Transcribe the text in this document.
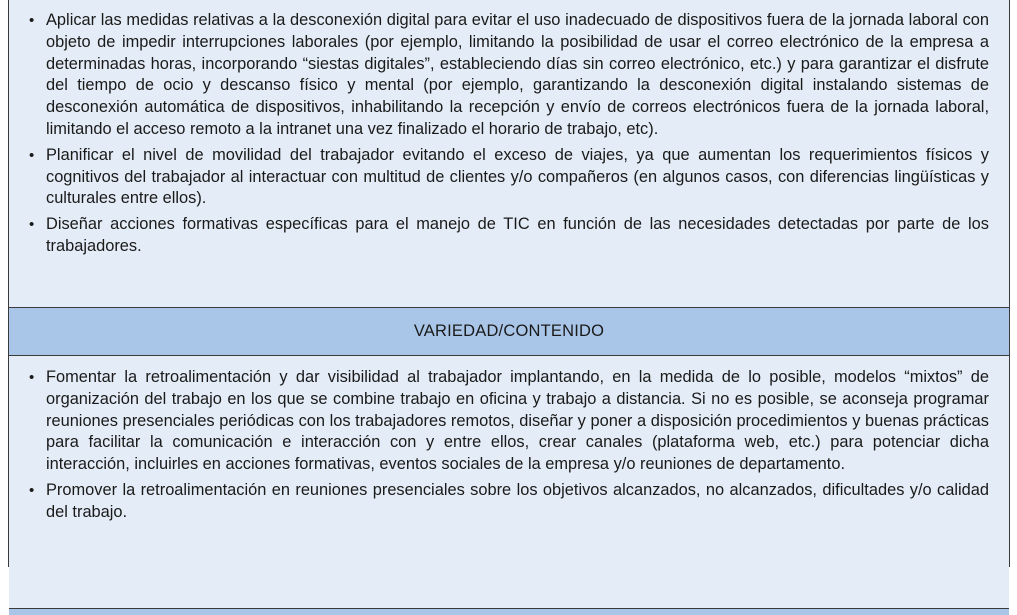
• Aplicar las medidas relativas a la desconexión digital para evitar el uso inadecuado de dispositivos fuera de la jornada laboral con objeto de impedir interrupciones laborales (por ejemplo, limitando la posibilidad de usar el correo electrónico de la empresa a determinadas horas, incorporando “siestas digitales”, estableciendo días sin correo electrónico, etc.) y para garantizar el disfrute del tiempo de ocio y descanso físico y mental (por ejemplo, garantizando la desconexión digital instalando sistemas de desconexión automática de dispositivos, inhabilitando la recepción y envío de correos electrónicos fuera de la jornada laboral, limitando el acceso remoto a la intranet una vez finalizado el horario de trabajo, etc).
• Planificar el nivel de movilidad del trabajador evitando el exceso de viajes, ya que aumentan los requerimientos físicos y cognitivos del trabajador al interactuar con multitud de clientes y/o compañeros (en algunos casos, con diferencias lingüísticas y culturales entre ellos).
• Diseñar acciones formativas específicas para el manejo de TIC en función de las necesidades detectadas por parte de los trabajadores.
VARIEDAD/CONTENIDO
• Fomentar la retroalimentación y dar visibilidad al trabajador implantando, en la medida de lo posible, modelos “mixtos” de organización del trabajo en los que se combine trabajo en oficina y trabajo a distancia. Si no es posible, se aconseja programar reuniones presenciales periódicas con los trabajadores remotos, diseñar y poner a disposición procedimientos y buenas prácticas para facilitar la comunicación e interacción con y entre ellos, crear canales (plataforma web, etc.) para potenciar dicha interacción, incluirles en acciones formativas, eventos sociales de la empresa y/o reuniones de departamento.
• Promover la retroalimentación en reuniones presenciales sobre los objetivos alcanzados, no alcanzados, dificultades y/o calidad del trabajo.
